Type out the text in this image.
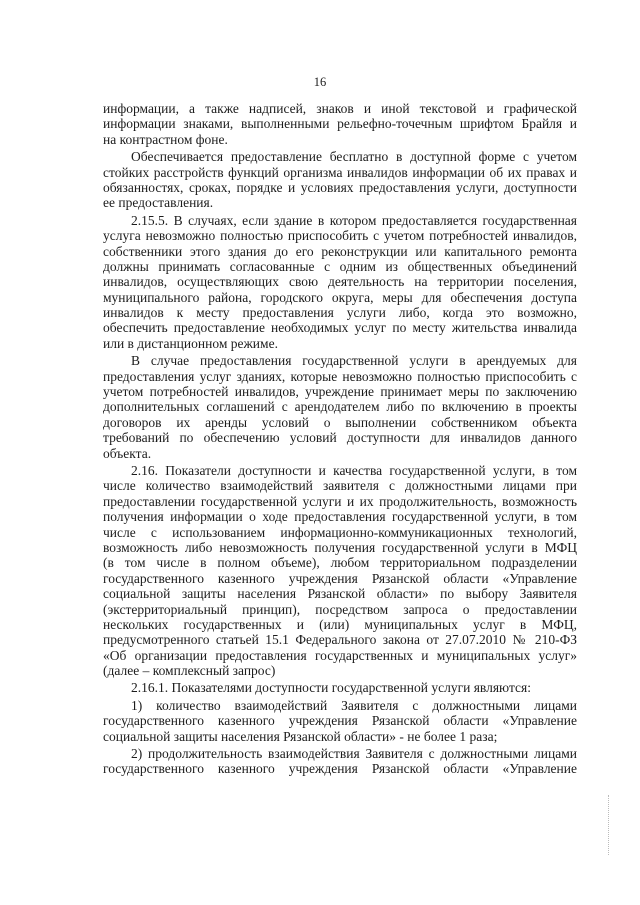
16
информации, а также надписей, знаков и иной текстовой и графической
информации знаками, выполненными рельефно-точечным шрифтом Брайля и
на контрастном фоне.
Обеспечивается предоставление бесплатно в доступной форме с учетом
стойких расстройств функций организма инвалидов информации об их правах и
обязанностях, сроках, порядке и условиях предоставления услуги, доступности
ее предоставления.
2.15.5. В случаях, если здание в котором предоставляется государственная
услуга невозможно полностью приспособить с учетом потребностей инвалидов,
собственники этого здания до его реконструкции или капитального ремонта
должны принимать согласованные с одним из общественных объединений
инвалидов, осуществляющих свою деятельность на территории поселения,
муниципального района, городского округа, меры для обеспечения доступа
инвалидов к месту предоставления услуги либо, когда это возможно,
обеспечить предоставление необходимых услуг по месту жительства инвалида
или в дистанционном режиме.
В случае предоставления государственной услуги в арендуемых для
предоставления услуг зданиях, которые невозможно полностью приспособить с
учетом потребностей инвалидов, учреждение принимает меры по заключению
дополнительных соглашений с арендодателем либо по включению в проекты
договоров их аренды условий о выполнении собственником объекта
требований по обеспечению условий доступности для инвалидов данного
объекта.
2.16. Показатели доступности и качества государственной услуги, в том
числе количество взаимодействий заявителя с должностными лицами при
предоставлении государственной услуги и их продолжительность, возможность
получения информации о ходе предоставления государственной услуги, в том
числе с использованием информационно-коммуникационных технологий,
возможность либо невозможность получения государственной услуги в МФЦ
(в том числе в полном объеме), любом территориальном подразделении
государственного казенного учреждения Рязанской области «Управление
социальной защиты населения Рязанской области» по выбору Заявителя
(экстерриториальный принцип), посредством запроса о предоставлении
нескольких государственных и (или) муниципальных услуг в МФЦ,
предусмотренного статьей 15.1 Федерального закона от 27.07.2010 № 210-ФЗ
«Об организации предоставления государственных и муниципальных услуг»
(далее – комплексный запрос)
2.16.1. Показателями доступности государственной услуги являются:
1) количество взаимодействий Заявителя с должностными лицами
государственного казенного учреждения Рязанской области «Управление
социальной защиты населения Рязанской области» - не более 1 раза;
2) продолжительность взаимодействия Заявителя с должностными лицами
государственного казенного учреждения Рязанской области «Управление
